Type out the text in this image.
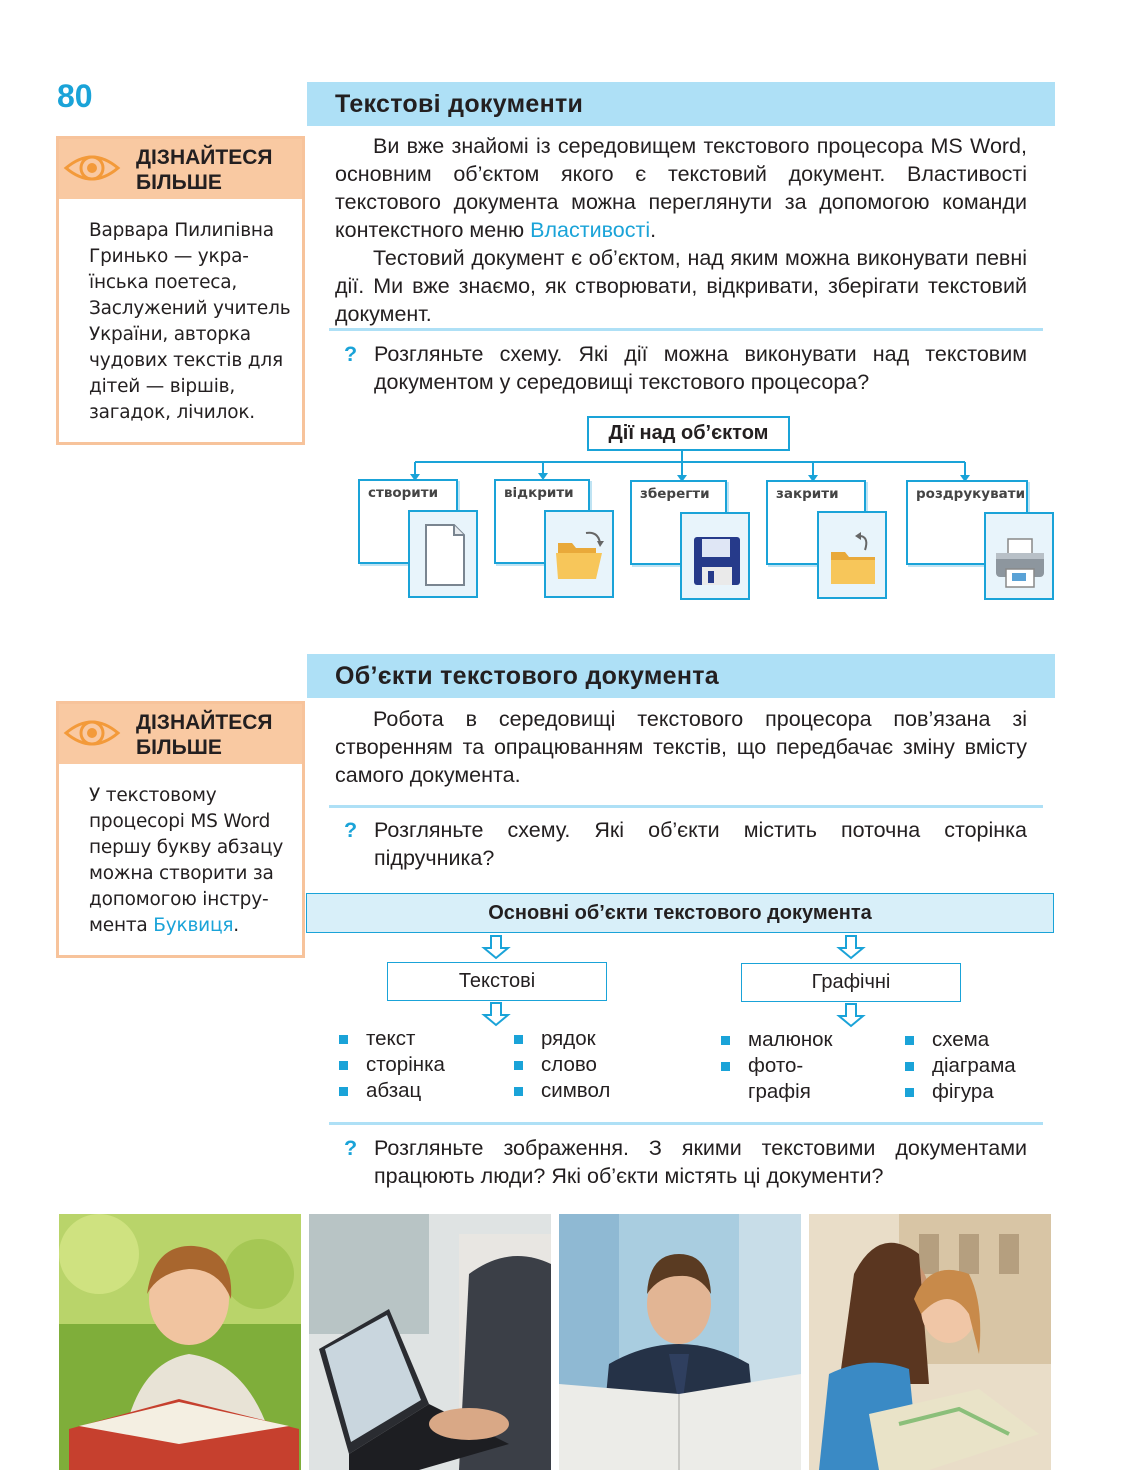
80	Текстові документи
ДІЗНАЙТЕСЯ
БІЛЬШЕ
Варвара Пилипівна
Гринько — укра-
їнська поетеса,
Заслужений учитель
України, авторка
чудових текстів для
дітей — віршів,
загадок, лічилок.
Ви вже знайомі із середовищем текстового процесора MS Word, основним об’єктом якого є текстовий документ. Властивості текстового документа можна переглянути за допомогою команди контекстного меню Властивості.
Тестовий документ є об’єктом, над яким можна виконувати певні дії. Ми вже знаємо, як створювати, відкривати, зберігати текстовий документ.
? Розгляньте схему. Які дії можна виконувати над текстовим документом у середовищі текстового процесора?
Дії над об’єктом
створити	відкрити	зберегти	закрити	роздрукувати
Об’єкти текстового документа
ДІЗНАЙТЕСЯ
БІЛЬШЕ
У текстовому
процесорі MS Word
першу букву абзацу
можна створити за
допомогою інстру-
мента Буквиця.
Робота в середовищі текстового процесора пов’язана зі створенням та опрацюванням текстів, що передбачає зміну вмісту самого документа.
? Розгляньте схему. Які об’єкти містить поточна сторінка підручника?
Основні об’єкти текстового документа
Текстові	Графічні
текст
сторінка
абзац
рядок
слово
символ
малюнок
фото-
графія
схема
діаграма
фігура
? Розгляньте зображення. З якими текстовими документами працюють люди? Які об’єкти містять ці документи?
